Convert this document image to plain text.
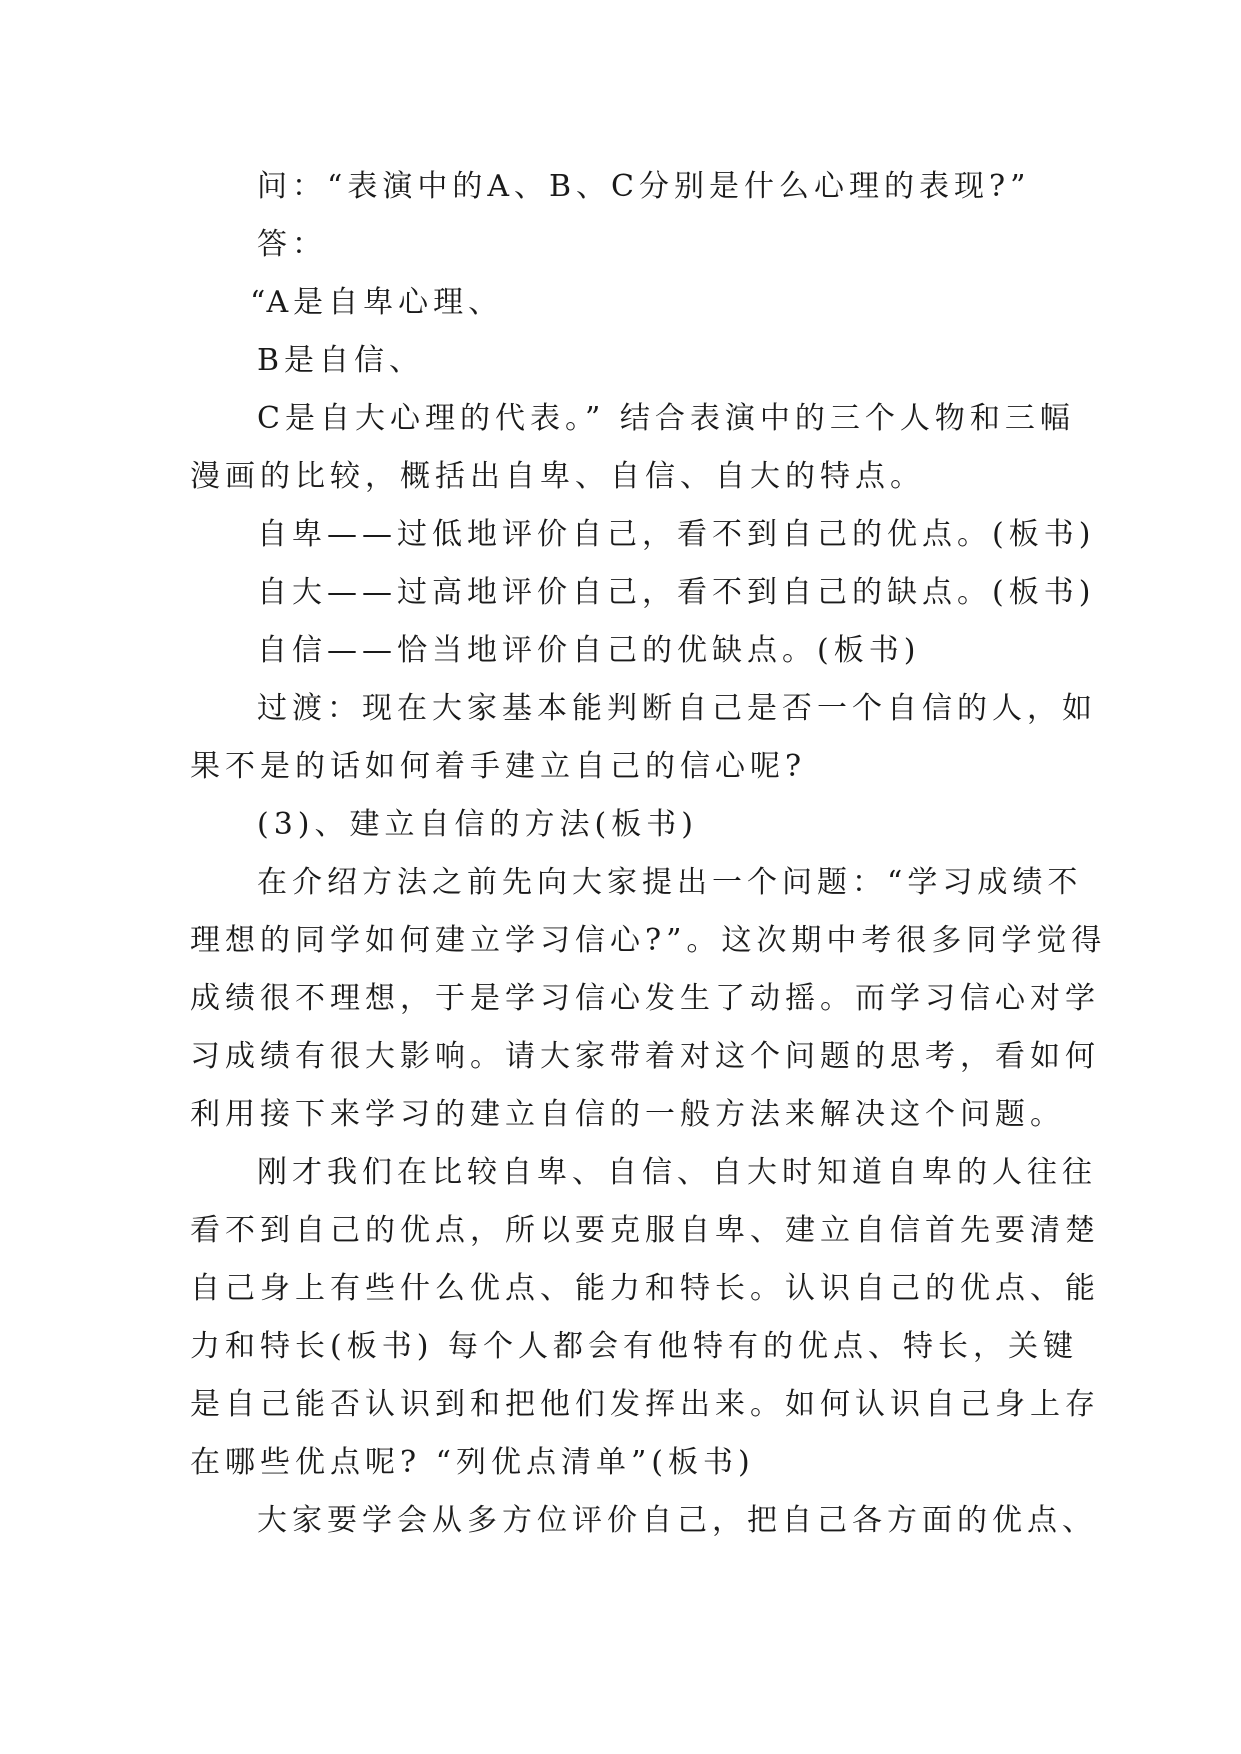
问：“表演中的A、B、C分别是什么心理的表现?”
答：
“A是自卑心理、
B是自信、
C是自大心理的代表。” 结合表演中的三个人物和三幅
漫画的比较，概括出自卑、自信、自大的特点。
自卑——过低地评价自己，看不到自己的优点。(板书)
自大——过高地评价自己，看不到自己的缺点。(板书)
自信——恰当地评价自己的优缺点。(板书)
过渡：现在大家基本能判断自己是否一个自信的人，如
果不是的话如何着手建立自己的信心呢?
(3)、建立自信的方法(板书)
在介绍方法之前先向大家提出一个问题：“学习成绩不
理想的同学如何建立学习信心?”。这次期中考很多同学觉得
成绩很不理想，于是学习信心发生了动摇。而学习信心对学
习成绩有很大影响。请大家带着对这个问题的思考，看如何
利用接下来学习的建立自信的一般方法来解决这个问题。
刚才我们在比较自卑、自信、自大时知道自卑的人往往
看不到自己的优点，所以要克服自卑、建立自信首先要清楚
自己身上有些什么优点、能力和特长。认识自己的优点、能
力和特长(板书) 每个人都会有他特有的优点、特长，关键
是自己能否认识到和把他们发挥出来。如何认识自己身上存
在哪些优点呢? “列优点清单”(板书)
大家要学会从多方位评价自己，把自己各方面的优点、
